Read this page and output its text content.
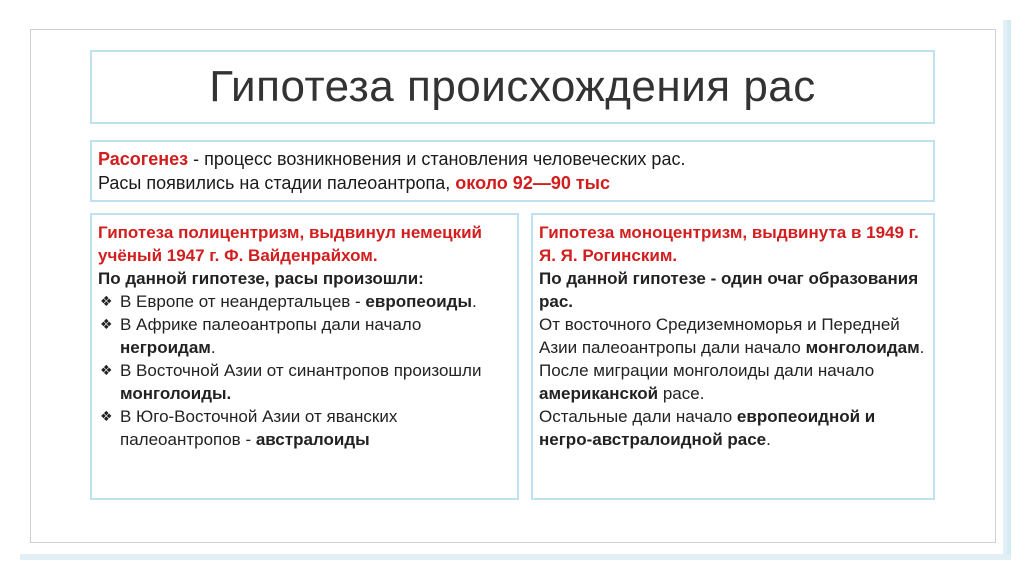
Гипотеза происхождения рас

Расогенез - процесс возникновения и становления человеческих рас.

Расы появились на стадии палеоантропа, около 92—90 тыс

Гипотеза полицентризм, выдвинул немецкий учёный 1947 г. Ф. Вайденрайхом.

По данной гипотезе, расы произошли:

❖ В Европе от неандертальцев - европеоиды.
❖ В Африке палеоантропы дали начало негроидам.
❖ В Восточной Азии от синантропов произошли монголоиды.
❖ В Юго-Восточной Азии от яванских палеоантропов - австралоиды

Гипотеза моноцентризм, выдвинута в 1949 г. Я. Я. Рогинским.

По данной гипотезе - один очаг образования рас.

От восточного Средиземноморья и Передней Азии палеоантропы дали начало монголоидам.

После миграции монголоиды дали начало американской расе.

Остальные дали начало европеоидной и негро-австралоидной расе.
